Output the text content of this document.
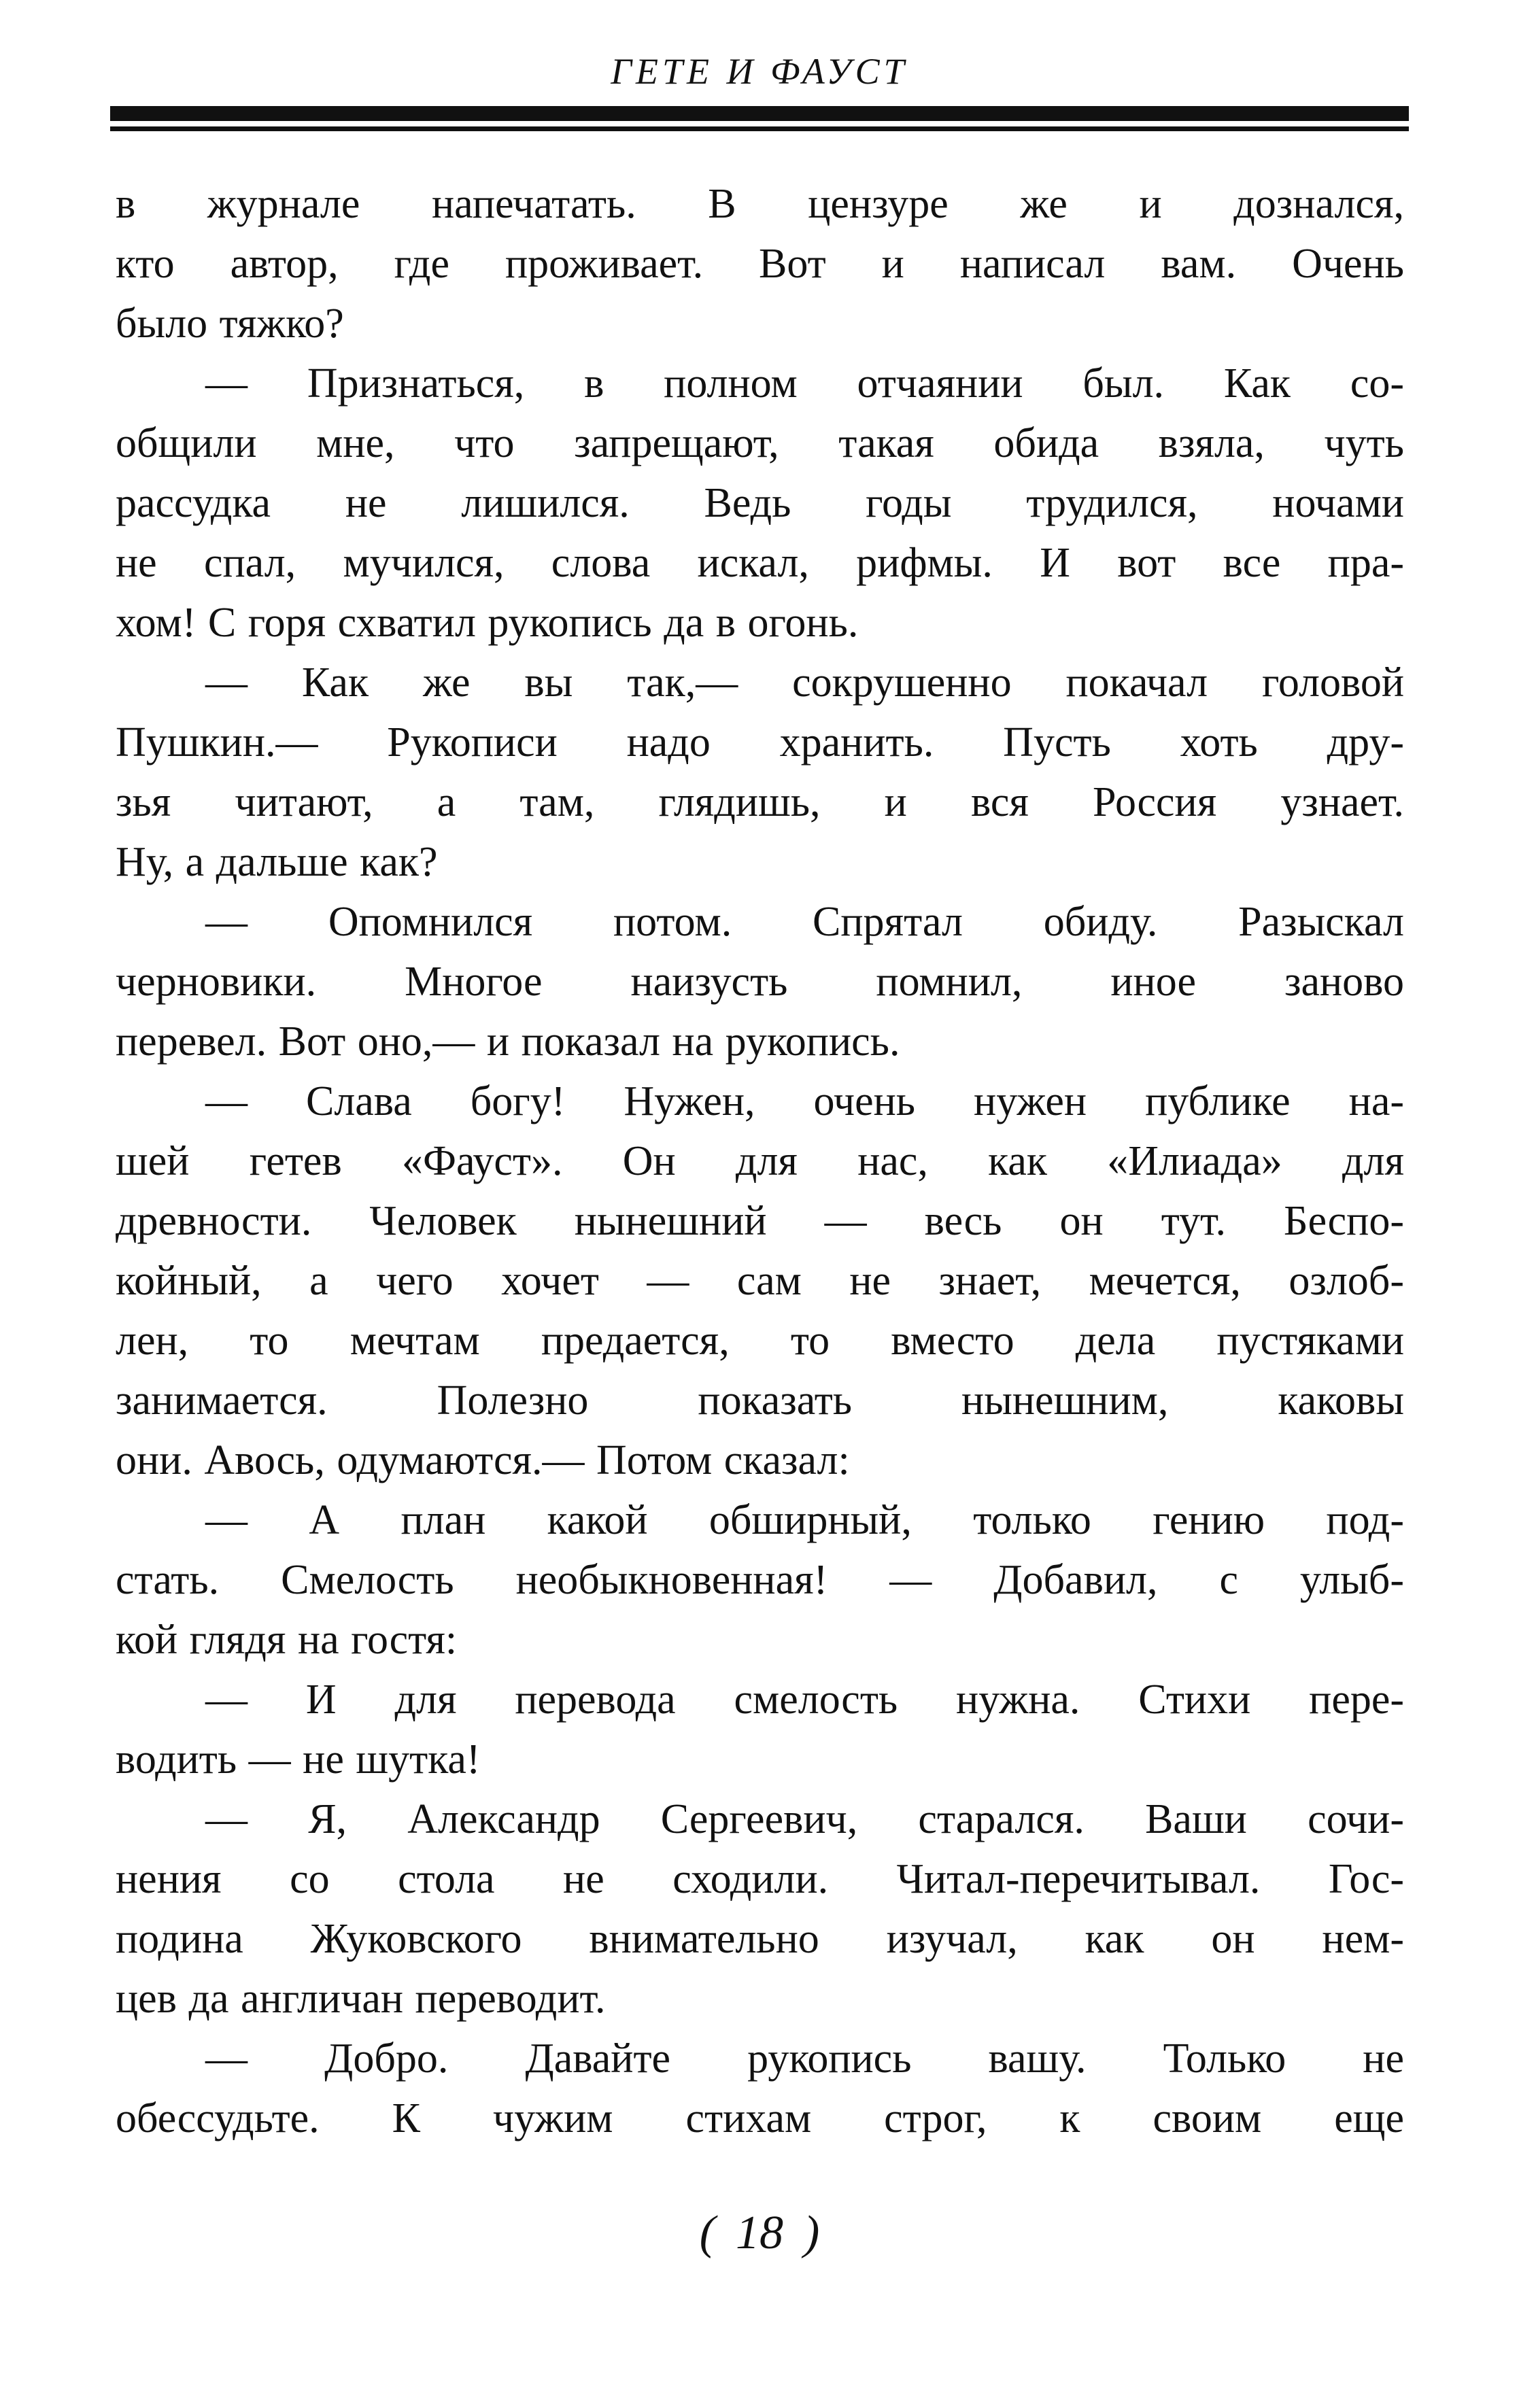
ГЕТЕ И ФАУСТ
в журнале напечатать. В цензуре же и дознался,
кто автор, где проживает. Вот и написал вам. Очень
было тяжко?
— Признаться, в полном отчаянии был. Как со-
общили мне, что запрещают, такая обида взяла, чуть
рассудка не лишился. Ведь годы трудился, ночами
не спал, мучился, слова искал, рифмы. И вот все пра-
хом! С горя схватил рукопись да в огонь.
— Как же вы так,— сокрушенно покачал головой
Пушкин.— Рукописи надо хранить. Пусть хоть дру-
зья читают, а там, глядишь, и вся Россия узнает.
Ну, а дальше как?
— Опомнился потом. Спрятал обиду. Разыскал
черновики. Многое наизусть помнил, иное заново
перевел. Вот оно,— и показал на рукопись.
— Слава богу! Нужен, очень нужен публике на-
шей гетев «Фауст». Он для нас, как «Илиада» для
древности. Человек нынешний — весь он тут. Беспо-
койный, а чего хочет — сам не знает, мечется, озлоб-
лен, то мечтам предается, то вместо дела пустяками
занимается. Полезно показать нынешним, каковы
они. Авось, одумаются.— Потом сказал:
— А план какой обширный, только гению под-
стать. Смелость необыкновенная! — Добавил, с улыб-
кой глядя на гостя:
— И для перевода смелость нужна. Стихи пере-
водить — не шутка!
— Я, Александр Сергеевич, старался. Ваши сочи-
нения со стола не сходили. Читал-перечитывал. Гос-
подина Жуковского внимательно изучал, как он нем-
цев да англичан переводит.
— Добро. Давайте рукопись вашу. Только не
обессудьте. К чужим стихам строг, к своим еще
( 18 )
